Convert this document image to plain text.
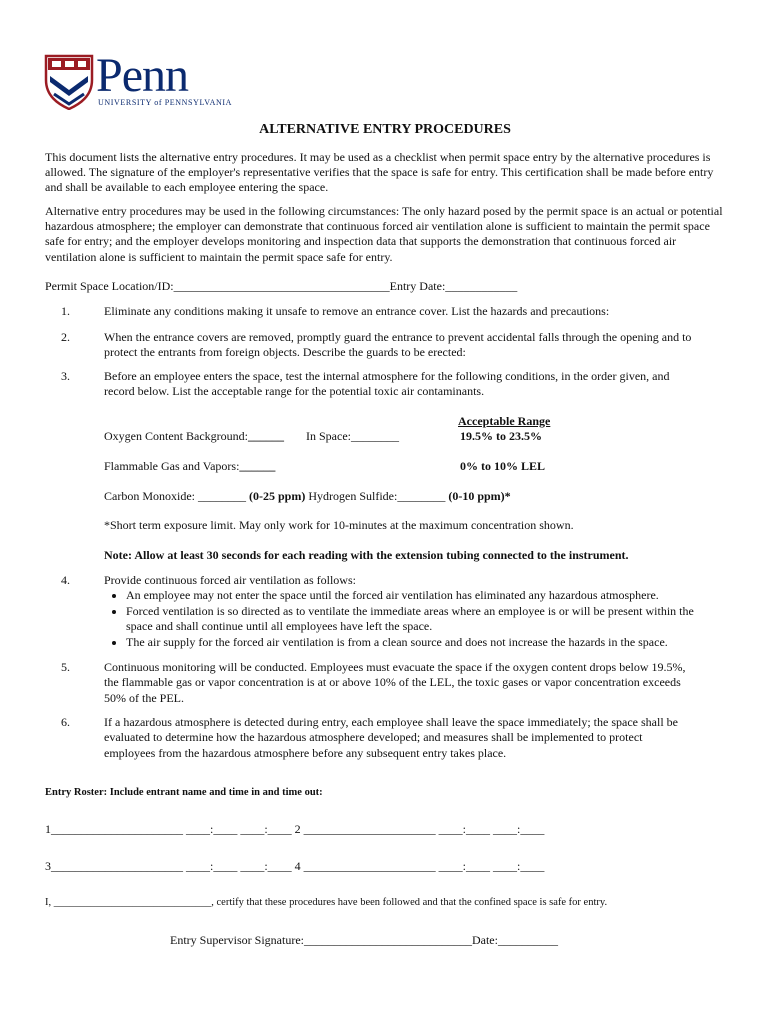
Penn
UNIVERSITY of PENNSYLVANIA
ALTERNATIVE ENTRY PROCEDURES
This document lists the alternative entry procedures. It may be used as a checklist when permit space entry by the alternative procedures is allowed. The signature of the employer's representative verifies that the space is safe for entry. This certification shall be made before entry and shall be available to each employee entering the space.
Alternative entry procedures may be used in the following circumstances: The only hazard posed by the permit space is an actual or potential hazardous atmosphere; the employer can demonstrate that continuous forced air ventilation alone is sufficient to maintain the permit space safe for entry; and the employer develops monitoring and inspection data that supports the demonstration that continuous forced air ventilation alone is sufficient to maintain the permit space safe for entry.
Permit Space Location/ID:____________________________________Entry Date:____________
1.	Eliminate any conditions making it unsafe to remove an entrance cover. List the hazards and precautions:
2.	When the entrance covers are removed, promptly guard the entrance to prevent accidental falls through the opening and to protect the entrants from foreign objects. Describe the guards to be erected:
3.	Before an employee enters the space, test the internal atmosphere for the following conditions, in the order given, and record below. List the acceptable range for the potential toxic air contaminants.
Acceptable Range
Oxygen Content Background:______ In Space:________	19.5% to 23.5%
Flammable Gas and Vapors:______	0% to 10% LEL
Carbon Monoxide: ________ (0-25 ppm) Hydrogen Sulfide:________ (0-10 ppm)*
*Short term exposure limit. May only work for 10-minutes at the maximum concentration shown.
Note: Allow at least 30 seconds for each reading with the extension tubing connected to the instrument.
4.	Provide continuous forced air ventilation as follows:
• An employee may not enter the space until the forced air ventilation has eliminated any hazardous atmosphere.
• Forced ventilation is so directed as to ventilate the immediate areas where an employee is or will be present within the space and shall continue until all employees have left the space.
• The air supply for the forced air ventilation is from a clean source and does not increase the hazards in the space.
5.	Continuous monitoring will be conducted. Employees must evacuate the space if the oxygen content drops below 19.5%, the flammable gas or vapor concentration is at or above 10% of the LEL, the toxic gases or vapor concentration exceeds 50% of the PEL.
6.	If a hazardous atmosphere is detected during entry, each employee shall leave the space immediately; the space shall be evaluated to determine how the hazardous atmosphere developed; and measures shall be implemented to protect employees from the hazardous atmosphere before any subsequent entry takes place.
Entry Roster: Include entrant name and time in and time out:
1______________________ ____:____ ____:____ 2 ______________________ ____:____ ____:____
3______________________ ____:____ ____:____ 4 ______________________ ____:____ ____:____
I, ______________________________, certify that these procedures have been followed and that the confined space is safe for entry.
Entry Supervisor Signature:____________________________Date:__________
